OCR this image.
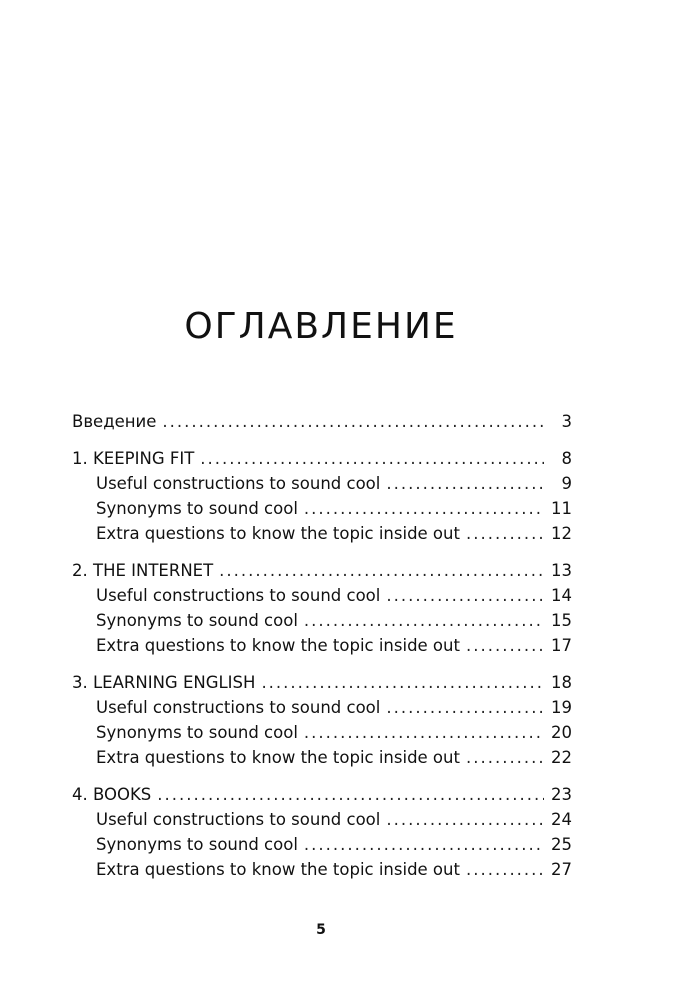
ОГЛАВЛЕНИЕ
Введение .....	3
1. KEEPING FIT .....	8
Useful constructions to sound cool .....	9
Synonyms to sound cool .....	11
Extra questions to know the topic inside out .....	12
2. THE INTERNET .....	13
Useful constructions to sound cool .....	14
Synonyms to sound cool .....	15
Extra questions to know the topic inside out .....	17
3. LEARNING ENGLISH .....	18
Useful constructions to sound cool .....	19
Synonyms to sound cool .....	20
Extra questions to know the topic inside out .....	22
4. BOOKS .....	23
Useful constructions to sound cool .....	24
Synonyms to sound cool .....	25
Extra questions to know the topic inside out .....	27
5
